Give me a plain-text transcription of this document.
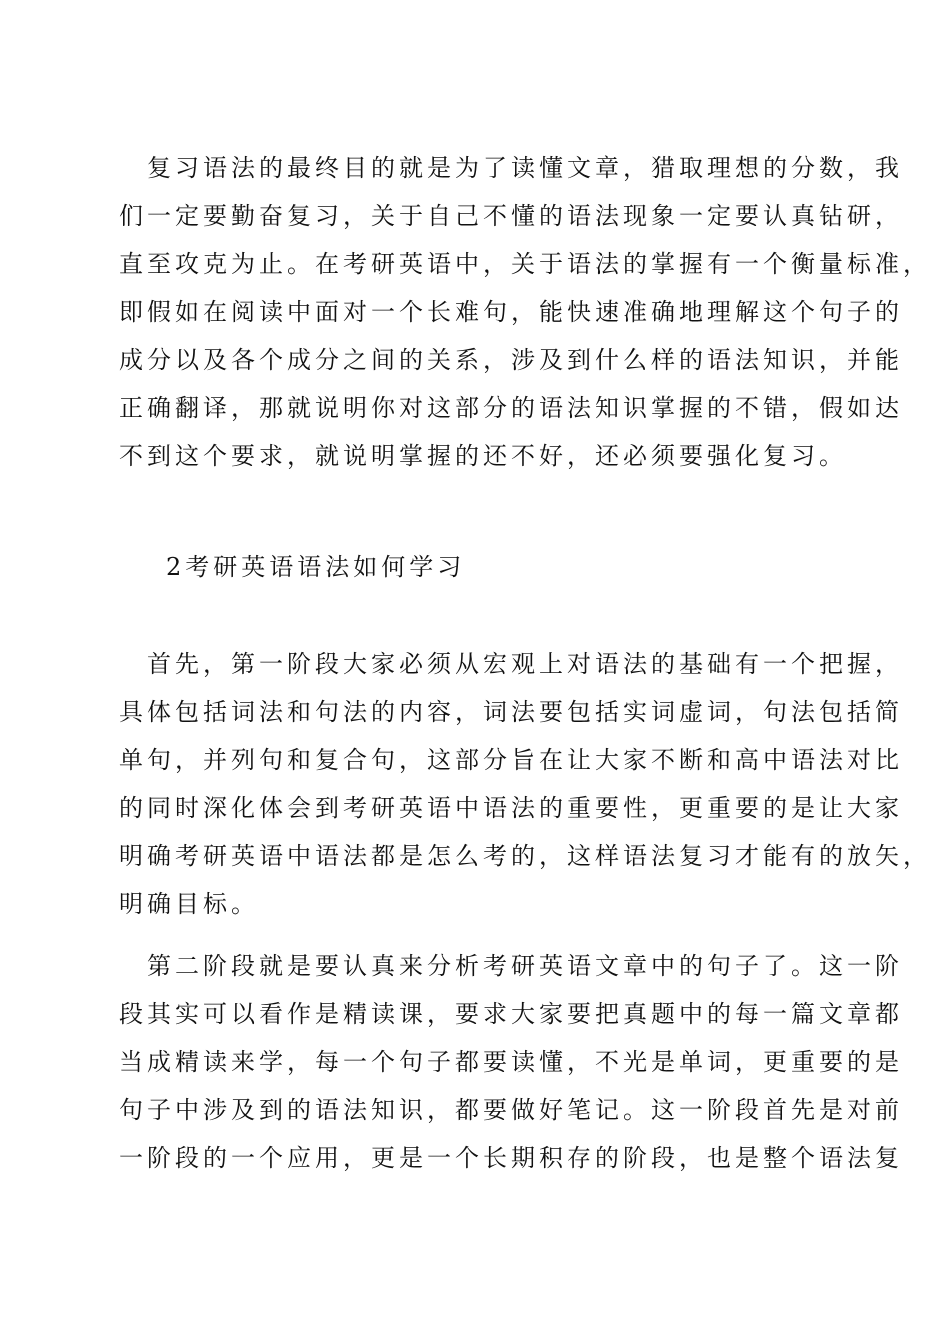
　复习语法的最终目的就是为了读懂文章，猎取理想的分数，我
们一定要勤奋复习，关于自己不懂的语法现象一定要认真钻研，
直至攻克为止。在考研英语中，关于语法的掌握有一个衡量标准，
即假如在阅读中面对一个长难句，能快速准确地理解这个句子的
成分以及各个成分之间的关系，涉及到什么样的语法知识，并能
正确翻译，那就说明你对这部分的语法知识掌握的不错，假如达
不到这个要求，就说明掌握的还不好，还必须要强化复习。
2考研英语语法如何学习
　首先，第一阶段大家必须从宏观上对语法的基础有一个把握，
具体包括词法和句法的内容，词法要包括实词虚词，句法包括简
单句，并列句和复合句，这部分旨在让大家不断和高中语法对比
的同时深化体会到考研英语中语法的重要性，更重要的是让大家
明确考研英语中语法都是怎么考的，这样语法复习才能有的放矢，
明确目标。
　第二阶段就是要认真来分析考研英语文章中的句子了。这一阶
段其实可以看作是精读课，要求大家要把真题中的每一篇文章都
当成精读来学，每一个句子都要读懂，不光是单词，更重要的是
句子中涉及到的语法知识，都要做好笔记。这一阶段首先是对前
一阶段的一个应用，更是一个长期积存的阶段，也是整个语法复
